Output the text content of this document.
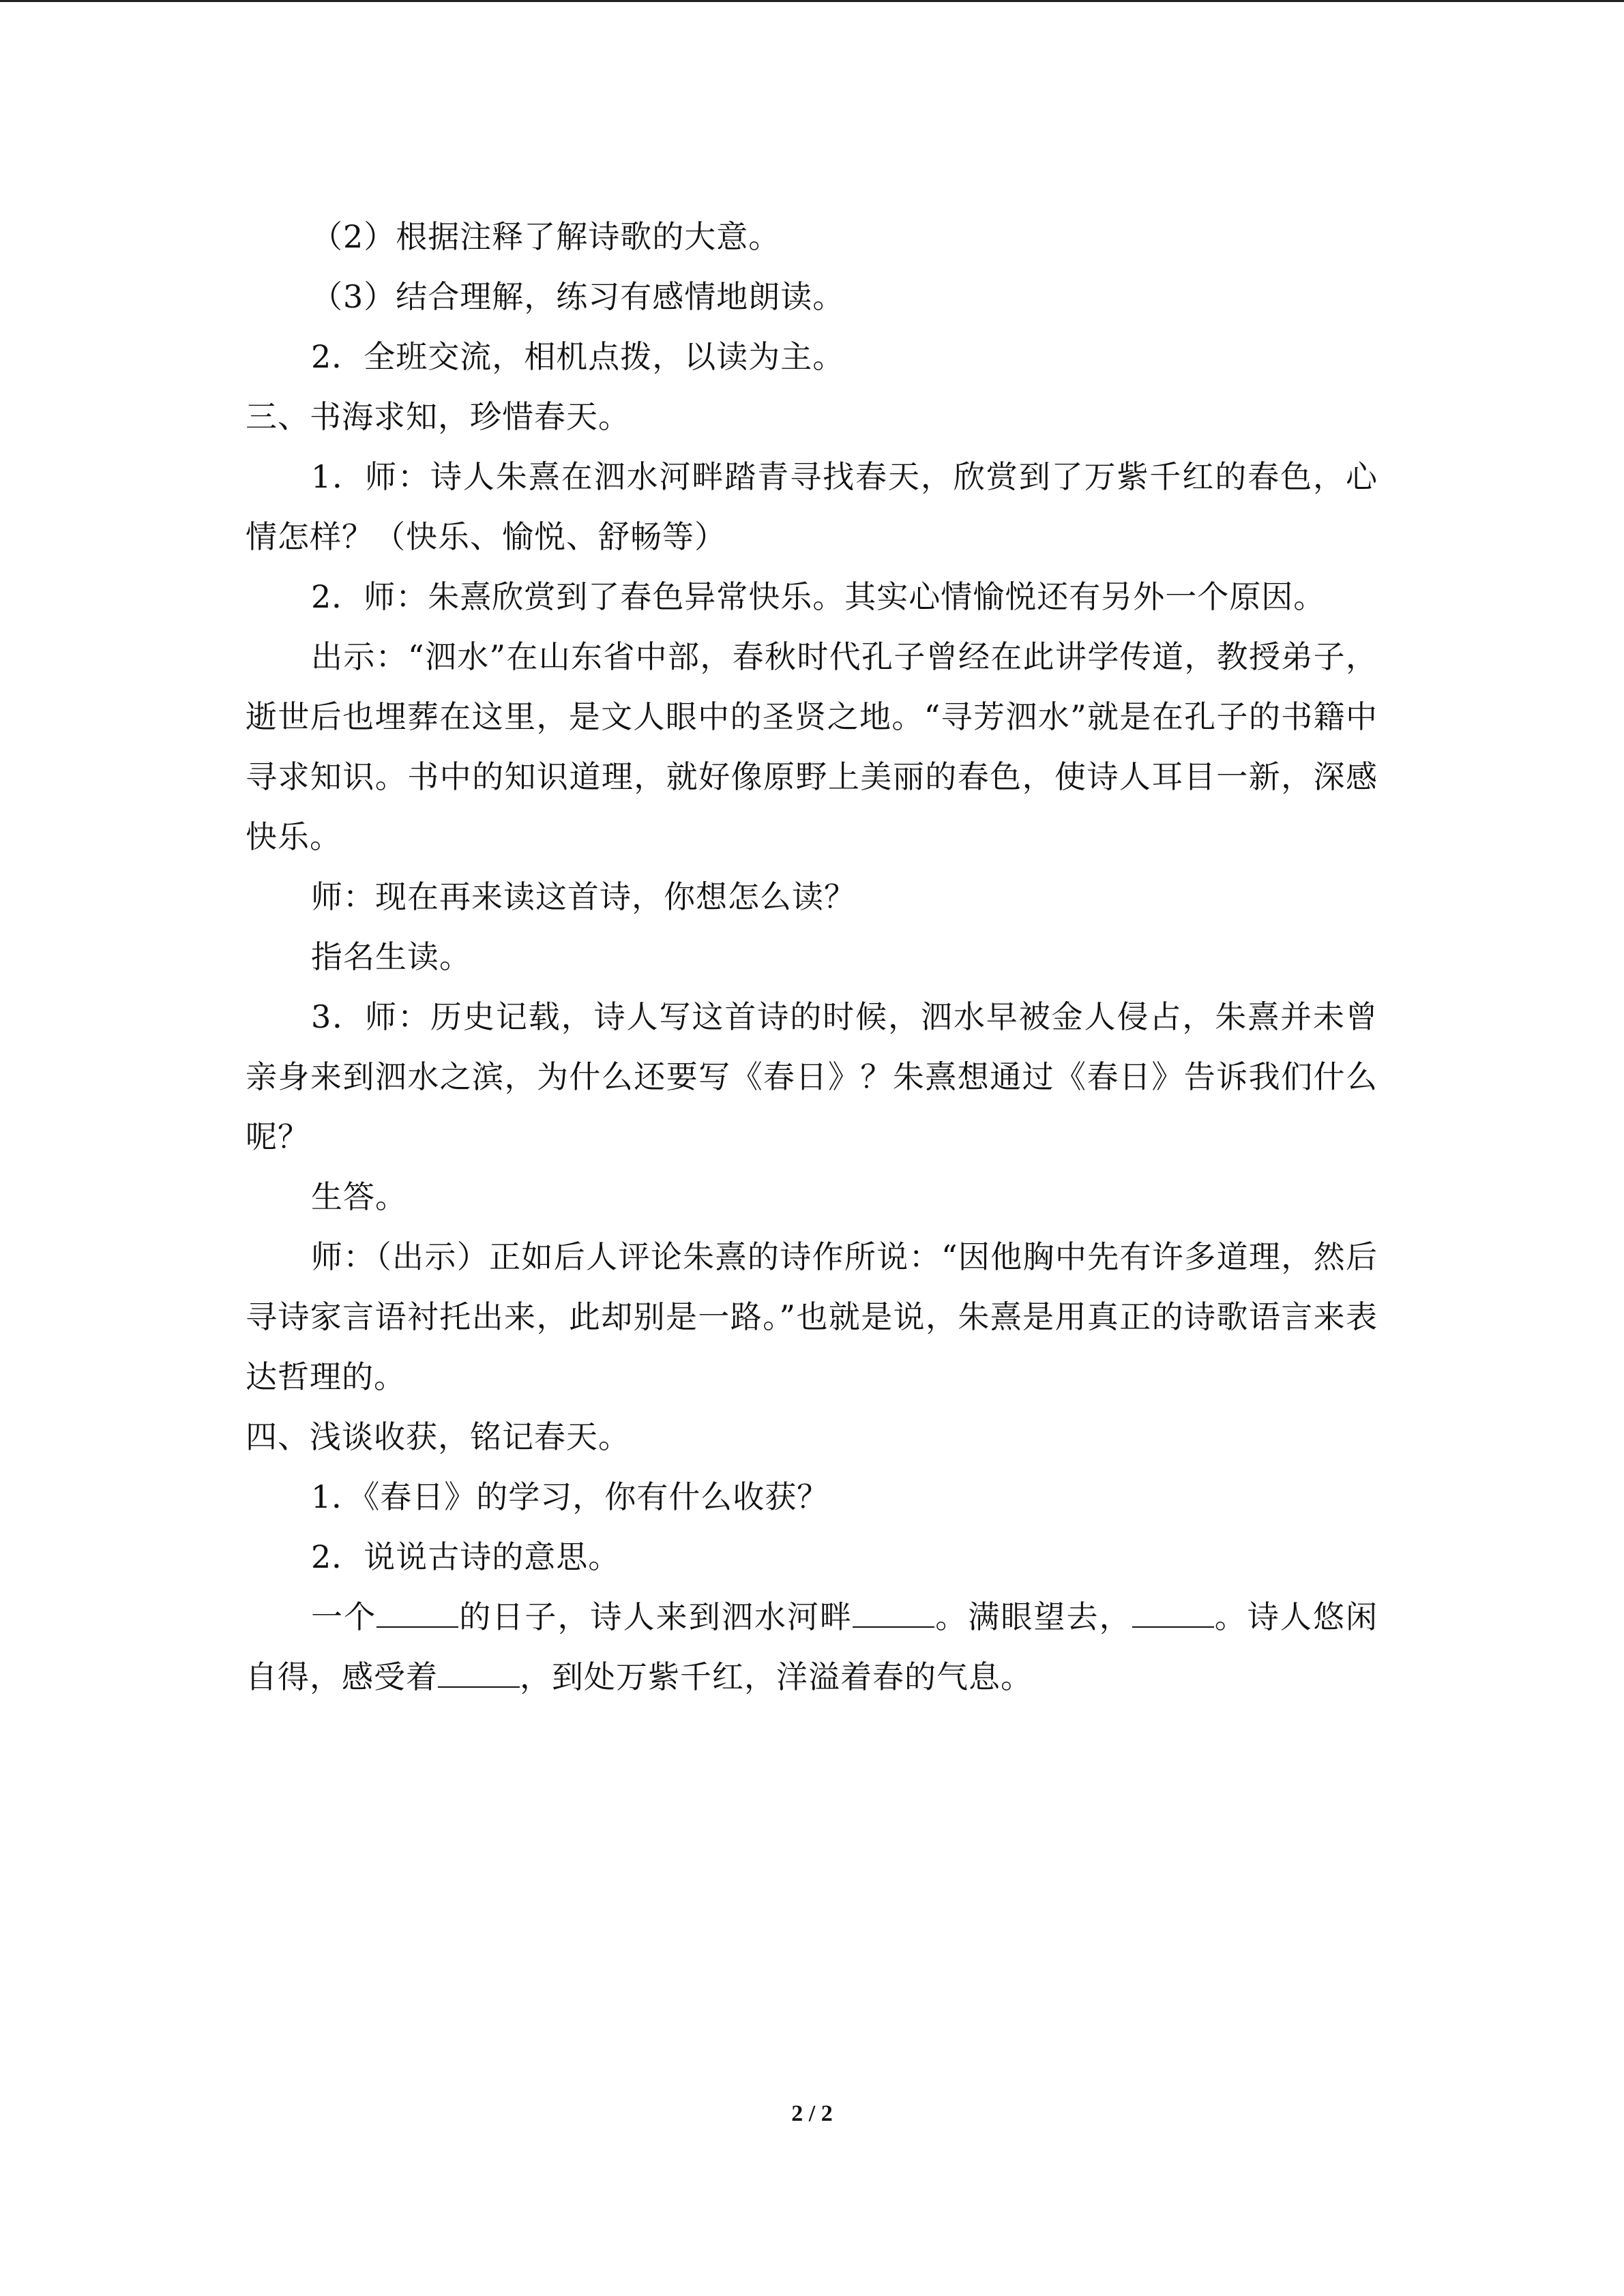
（2）根据注释了解诗歌的大意。

（3）结合理解，练习有感情地朗读。

2．全班交流，相机点拨，以读为主。

三、书海求知，珍惜春天。

1．师：诗人朱熹在泗水河畔踏青寻找春天，欣赏到了万紫千红的春色，心情怎样？（快乐、愉悦、舒畅等）

2．师：朱熹欣赏到了春色异常快乐。其实心情愉悦还有另外一个原因。

出示：“泗水”在山东省中部，春秋时代孔子曾经在此讲学传道，教授弟子，逝世后也埋葬在这里，是文人眼中的圣贤之地。“寻芳泗水”就是在孔子的书籍中寻求知识。书中的知识道理，就好像原野上美丽的春色，使诗人耳目一新，深感快乐。

师：现在再来读这首诗，你想怎么读？

指名生读。

3．师：历史记载，诗人写这首诗的时候，泗水早被金人侵占，朱熹并未曾亲身来到泗水之滨，为什么还要写《春日》？朱熹想通过《春日》告诉我们什么呢？

生答。

师：（出示）正如后人评论朱熹的诗作所说：“因他胸中先有许多道理，然后寻诗家言语衬托出来，此却别是一路。”也就是说，朱熹是用真正的诗歌语言来表达哲理的。

四、浅谈收获，铭记春天。

1．《春日》的学习，你有什么收获？

2．说说古诗的意思。

一个	的日子，诗人来到泗水河畔	。满眼望去，	。诗人悠闲自得，感受着	，到处万紫千红，洋溢着春的气息。

2 / 2
